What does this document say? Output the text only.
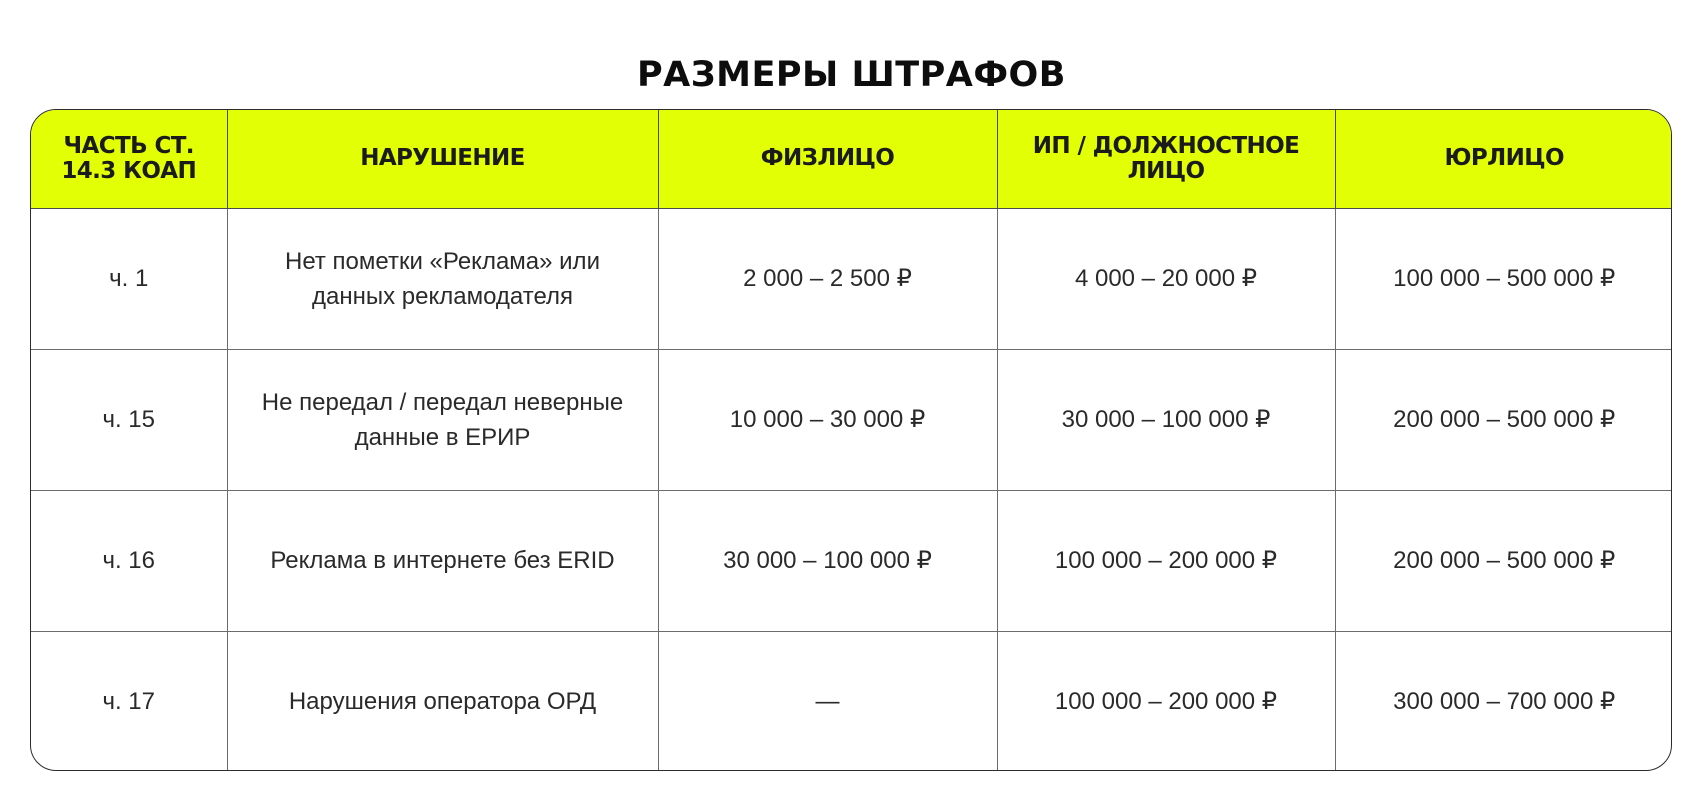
РАЗМЕРЫ ШТРАФОВ
ЧАСТЬ СТ. 14.3 КОАП	НАРУШЕНИЕ	ФИЗЛИЦО	ИП / ДОЛЖНОСТНОЕ ЛИЦО	ЮРЛИЦО
ч. 1	Нет пометки «Реклама» или данных рекламодателя	2 000 – 2 500 ₽	4 000 – 20 000 ₽	100 000 – 500 000 ₽
ч. 15	Не передал / передал неверные данные в ЕРИР	10 000 – 30 000 ₽	30 000 – 100 000 ₽	200 000 – 500 000 ₽
ч. 16	Реклама в интернете без ERID	30 000 – 100 000 ₽	100 000 – 200 000 ₽	200 000 – 500 000 ₽
ч. 17	Нарушения оператора ОРД	—	100 000 – 200 000 ₽	300 000 – 700 000 ₽
